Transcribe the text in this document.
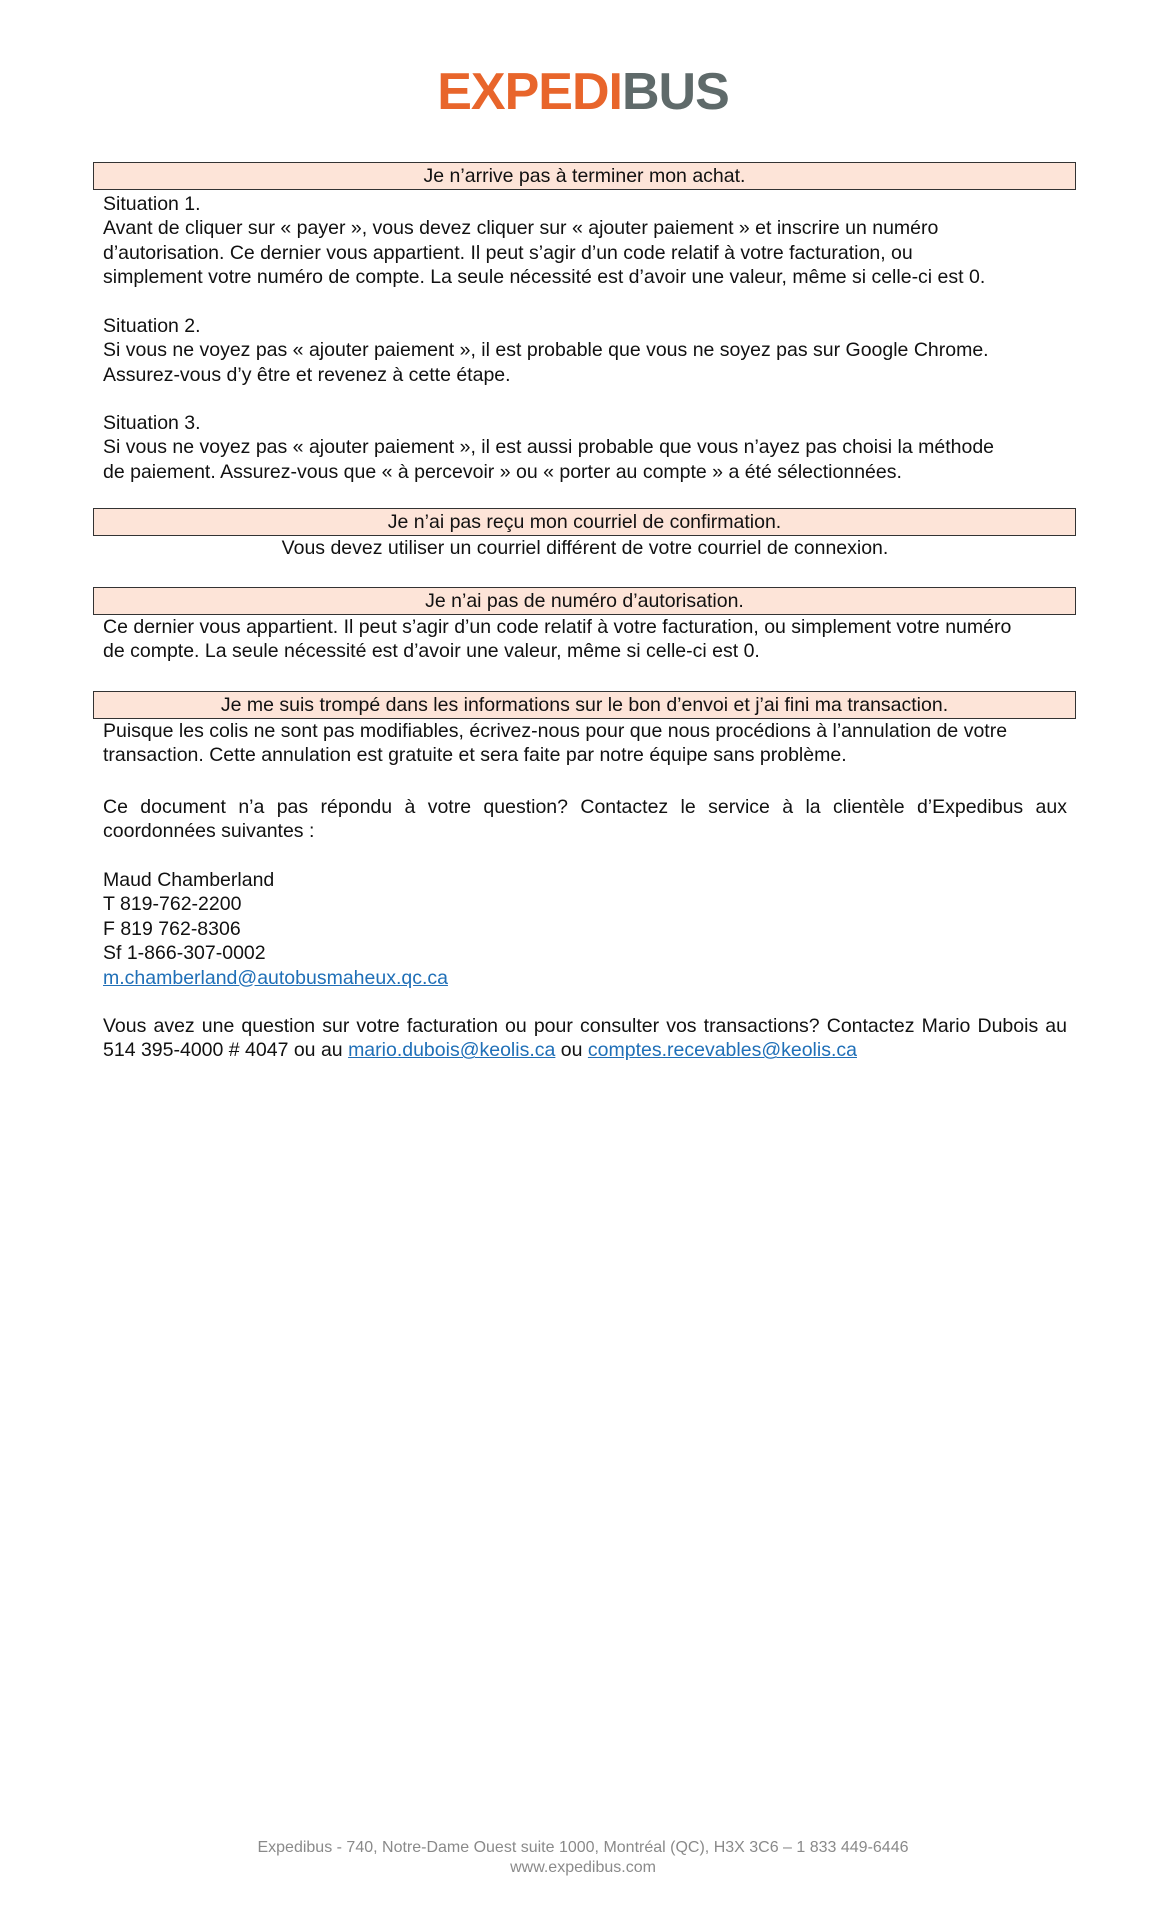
EXPEDIBUS
Je n’arrive pas à terminer mon achat.
Situation 1.
Avant de cliquer sur « payer », vous devez cliquer sur « ajouter paiement » et inscrire un numéro
d’autorisation. Ce dernier vous appartient. Il peut s’agir d’un code relatif à votre facturation, ou
simplement votre numéro de compte. La seule nécessité est d’avoir une valeur, même si celle-ci est 0.
Situation 2.
Si vous ne voyez pas « ajouter paiement », il est probable que vous ne soyez pas sur Google Chrome.
Assurez-vous d’y être et revenez à cette étape.
Situation 3.
Si vous ne voyez pas « ajouter paiement », il est aussi probable que vous n’ayez pas choisi la méthode
de paiement. Assurez-vous que « à percevoir » ou « porter au compte » a été sélectionnées.
Je n’ai pas reçu mon courriel de confirmation.
Vous devez utiliser un courriel différent de votre courriel de connexion.
Je n’ai pas de numéro d’autorisation.
Ce dernier vous appartient. Il peut s’agir d’un code relatif à votre facturation, ou simplement votre numéro
de compte. La seule nécessité est d’avoir une valeur, même si celle-ci est 0.
Je me suis trompé dans les informations sur le bon d’envoi et j’ai fini ma transaction.
Puisque les colis ne sont pas modifiables, écrivez-nous pour que nous procédions à l’annulation de votre
transaction. Cette annulation est gratuite et sera faite par notre équipe sans problème.

Ce document n’a pas répondu à votre question? Contactez le service à la clientèle d’Expedibus aux coordonnées suivantes :

Maud Chamberland
T 819-762-2200
F 819 762-8306
Sf 1-866-307-0002
m.chamberland@autobusmaheux.qc.ca

Vous avez une question sur votre facturation ou pour consulter vos transactions? Contactez Mario Dubois au 514 395-4000 # 4047 ou au mario.dubois@keolis.ca ou comptes.recevables@keolis.ca

Expedibus - 740, Notre-Dame Ouest suite 1000, Montréal (QC), H3X 3C6 – 1 833 449-6446
www.expedibus.com
